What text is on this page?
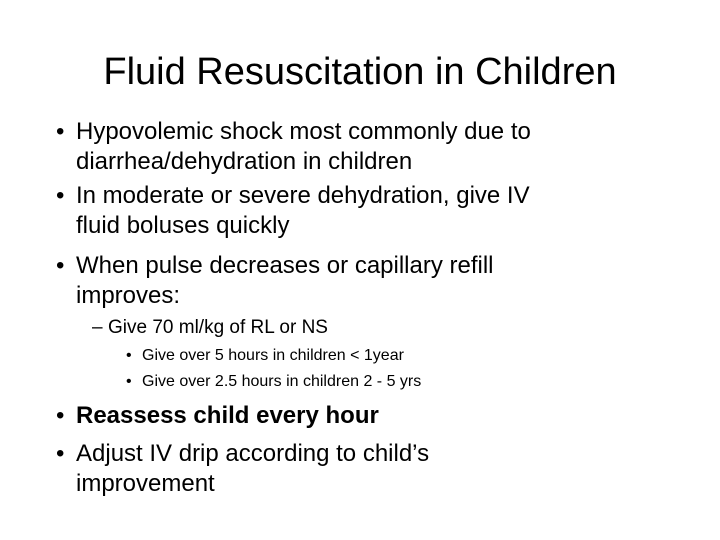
Fluid Resuscitation in Children
• Hypovolemic shock most commonly due to
diarrhea/dehydration in children
• In moderate or severe dehydration, give IV
fluid boluses quickly
• When pulse decreases or capillary refill
improves:
– Give 70 ml/kg of RL or NS
• Give over 5 hours in children < 1year
• Give over 2.5 hours in children 2 - 5 yrs
• Reassess child every hour
• Adjust IV drip according to child’s
improvement
